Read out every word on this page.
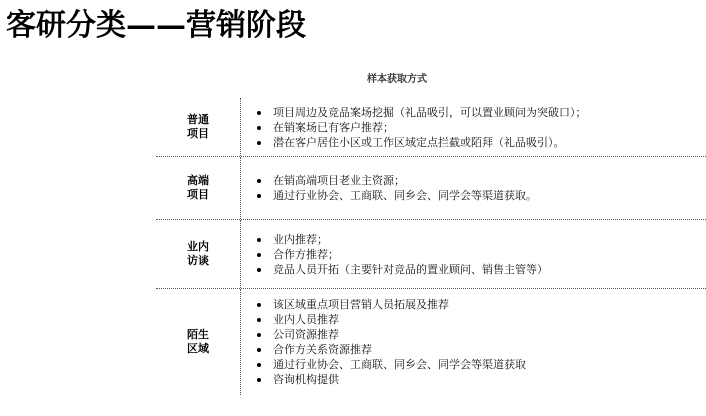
客研分类——营销阶段
样本获取方式
普通项目
项目周边及竞品案场挖掘（礼品吸引，可以置业顾问为突破口）；
在销案场已有客户推荐；
潜在客户居住小区或工作区域定点拦截或陌拜（礼品吸引）。
高端项目
在销高端项目老业主资源；
通过行业协会、工商联、同乡会、同学会等渠道获取。
业内访谈
业内推荐；
合作方推荐；
竞品人员开拓（主要针对竞品的置业顾问、销售主管等）
陌生区域
该区域重点项目营销人员拓展及推荐
业内人员推荐
公司资源推荐
合作方关系资源推荐
通过行业协会、工商联、同乡会、同学会等渠道获取
咨询机构提供
